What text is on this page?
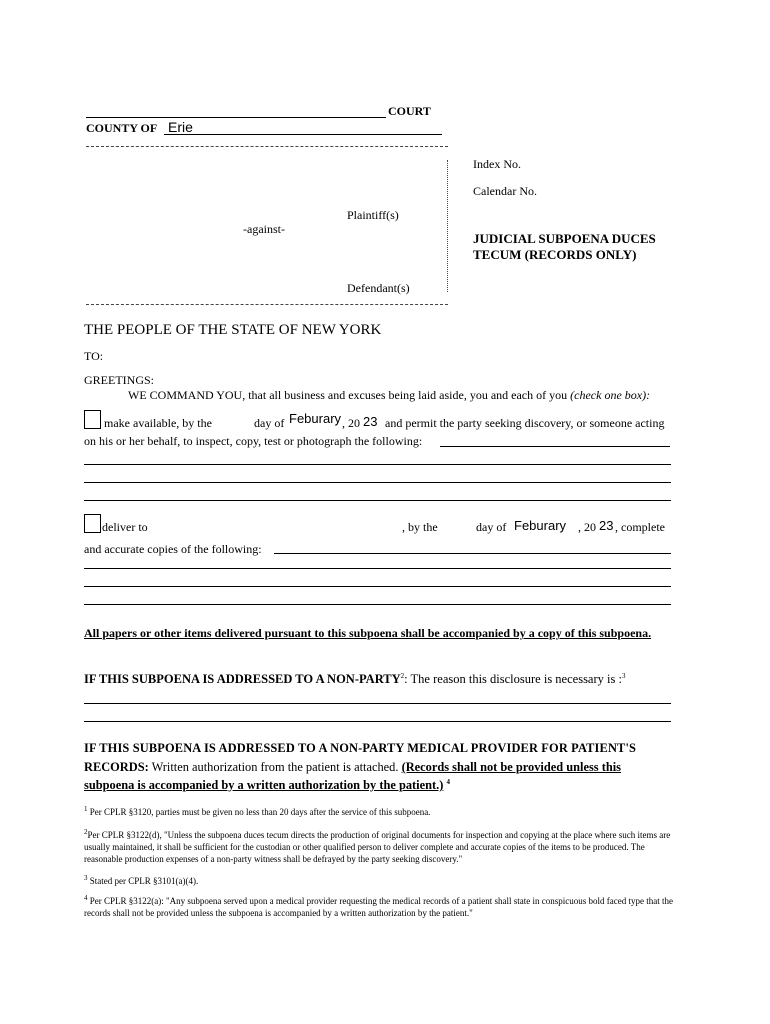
COURT
COUNTY OF Erie
Index No.
Calendar No.
Plaintiff(s)
-against-
JUDICIAL SUBPOENA DUCES
TECUM (RECORDS ONLY)
Defendant(s)
THE PEOPLE OF THE STATE OF NEW YORK
TO:
GREETINGS:
WE COMMAND YOU, that all business and excuses being laid aside, you and each of you (check one box):
make available, by the	day of Feburary , 20 23 and permit the party seeking discovery, or someone acting
on his or her behalf, to inspect, copy, test or photograph the following:
deliver to	, by the	day of Feburary , 20 23 , complete
and accurate copies of the following:
All papers or other items delivered pursuant to this subpoena shall be accompanied by a copy of this subpoena.
IF THIS SUBPOENA IS ADDRESSED TO A NON-PARTY$^2$: The reason this disclosure is necessary is :$^3$
IF THIS SUBPOENA IS ADDRESSED TO A NON-PARTY MEDICAL PROVIDER FOR PATIENT'S
RECORDS: Written authorization from the patient is attached. (Records shall not be provided unless this
subpoena is accompanied by a written authorization by the patient.) $^4$
$^1$ Per CPLR §3120, parties must be given no less than 20 days after the service of this subpoena.
$^2$Per CPLR §3122(d), "Unless the subpoena duces tecum directs the production of original documents for inspection and copying at the place where such items are usually maintained, it shall be sufficient for the custodian or other qualified person to deliver complete and accurate copies of the items to be produced. The reasonable production expenses of a non-party witness shall be defrayed by the party seeking discovery."
$^3$ Stated per CPLR §3101(a)(4).
$^4$ Per CPLR §3122(a): "Any subpoena served upon a medical provider requesting the medical records of a patient shall state in conspicuous bold faced type that the records shall not be provided unless the subpoena is accompanied by a written authorization by the patient."
